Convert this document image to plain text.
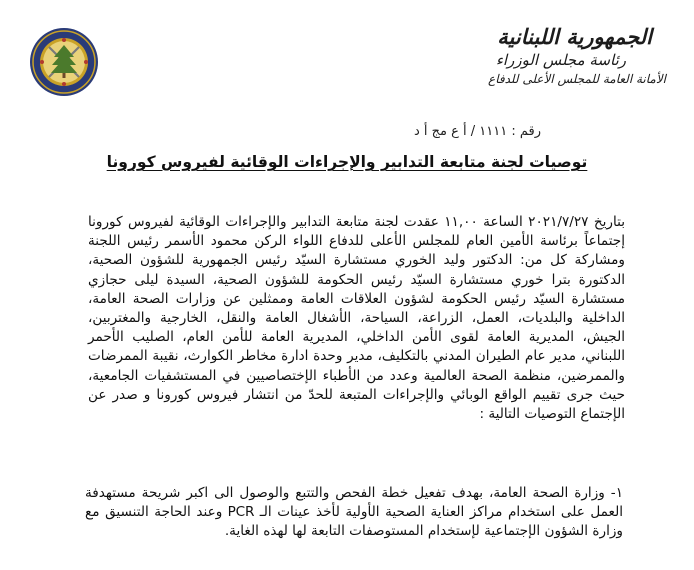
الجمهورية اللبنانية
رئاسة مجلس الوزراء
الأمانة العامة للمجلس الأعلى للدفاع
رقم : ١١١١ / أ ع مج أ د
توصيات لجنة متابعة التدابير والإجراءات الوقائية لفيروس كورونا
بتاريخ ٢٠٢١/٧/٢٧ الساعة ١١,٠٠ عقدت لجنة متابعة التدابير والإجراءات الوقائية لفيروس كورونا إجتماعاً برئاسة الأمين العام للمجلس الأعلى للدفاع اللواء الركن محمود الأسمر رئيس اللجنة ومشاركة كل من: الدكتور وليد الخوري مستشارة السيّد رئيس الجمهورية للشؤون الصحية، الدكتورة بترا خوري مستشارة السيّد رئيس الحكومة للشؤون الصحية، السيدة ليلى حجازي مستشارة السيّد رئيس الحكومة لشؤون العلاقات العامة وممثلين عن وزارات الصحة العامة، الداخلية والبلديات، العمل، الزراعة، السياحة، الأشغال العامة والنقل، الخارجية والمغتربين، الجيش، المديرية العامة لقوى الأمن الداخلي، المديرية العامة للأمن العام، الصليب الأحمر اللبناني، مدير عام الطيران المدني بالتكليف، مدير وحدة ادارة مخاطر الكوارث، نقيبة الممرضات والممرضين، منظمة الصحة العالمية وعدد من الأطباء الإختصاصيين في المستشفيات الجامعية، حيث جرى تقييم الواقع الوبائي والإجراءات المتبعة للحدّ من انتشار فيروس كورونا و صدر عن الإجتماع التوصيات التالية :
١- وزارة الصحة العامة، بهدف تفعيل خطة الفحص والتتبع والوصول الى اكبر شريحة مستهدفة العمل على استخدام مراكز العناية الصحية الأولية لأخذ عينات الـ PCR وعند الحاجة التنسيق مع وزارة الشؤون الإجتماعية لإستخدام المستوصفات التابعة لها لهذه الغاية.
